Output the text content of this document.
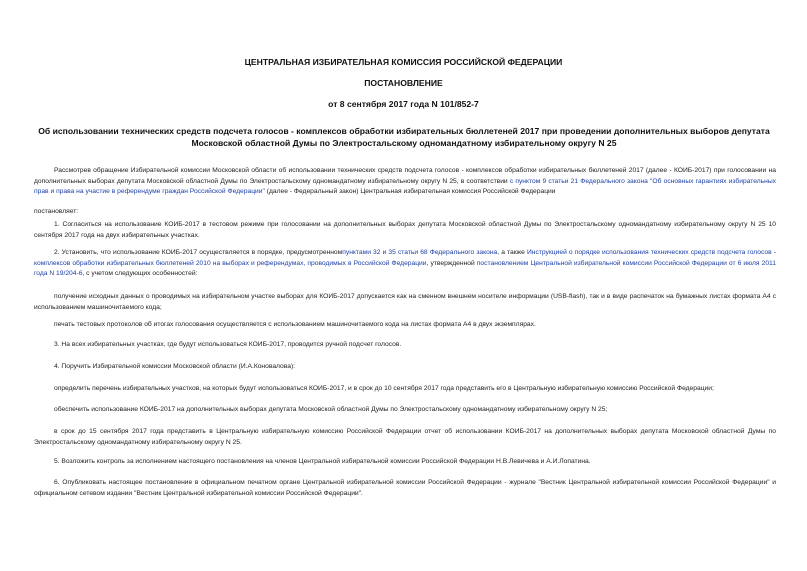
ЦЕНТРАЛЬНАЯ ИЗБИРАТЕЛЬНАЯ КОМИССИЯ РОССИЙСКОЙ ФЕДЕРАЦИИ
ПОСТАНОВЛЕНИЕ
от 8 сентября 2017 года N 101/852-7
Об использовании технических средств подсчета голосов - комплексов обработки избирательных бюллетеней 2017 при проведении дополнительных выборов депутата Московской областной Думы по Электростальскому одномандатному избирательному округу N 25
Рассмотрев обращение Избирательной комиссии Московской области об использовании технических средств подсчета голосов - комплексов обработки избирательных бюллетеней 2017 (далее - КОИБ-2017) при голосовании на дополнительных выборах депутата Московской областной Думы по Электростальскому одномандатному избирательному округу N 25, в соответствии с пунктом 9 статьи 21 Федерального закона "Об основных гарантиях избирательных прав и права на участие в референдуме граждан Российской Федерации" (далее - Федеральный закон) Центральная избирательная комиссия Российской Федерации
постановляет:
1. Согласиться на использование КОИБ-2017 в тестовом режиме при голосовании на дополнительных выборах депутата Московской областной Думы по Электростальскому одномандатному избирательному округу N 25 10 сентября 2017 года на двух избирательных участках.
2. Установить, что использование КОИБ-2017 осуществляется в порядке, предусмотренномпунктами 32 и 35 статьи 68 Федерального закона, а также Инструкцией о порядке использования технических средств подсчета голосов - комплексов обработки избирательных бюллетеней 2010 на выборах и референдумах, проводимых в Российской Федерации, утвержденной постановлением Центральной избирательной комиссии Российской Федерации от 6 июля 2011 года N 19/204-6, с учетом следующих особенностей:
получение исходных данных о проводимых на избирательном участке выборах для КОИБ-2017 допускается как на сменном внешнем носителе информации (USB-flash), так и в виде распечаток на бумажных листах формата А4 с использованием машиночитаемого кода;
печать тестовых протоколов об итогах голосования осуществляется с использованием машиночитаемого кода на листах формата А4 в двух экземплярах.
3. На всех избирательных участках, где будут использоваться КОИБ-2017, проводится ручной подсчет голосов.
4. Поручить Избирательной комиссии Московской области (И.А.Коновалова):
определить перечень избирательных участков, на которых будут использоваться КОИБ-2017, и в срок до 10 сентября 2017 года представить его в Центральную избирательную комиссию Российской Федерации;
обеспечить использование КОИБ-2017 на дополнительных выборах депутата Московской областной Думы по Электростальскому одномандатному избирательному округу N 25;
в срок до 15 сентября 2017 года представить в Центральную избирательную комиссию Российской Федерации отчет об использовании КОИБ-2017 на дополнительных выборах депутата Московской областной Думы по Электростальскому одномандатному избирательному округу N 25.
5. Возложить контроль за исполнением настоящего постановления на членов Центральной избирательной комиссии Российской Федерации Н.В.Левичева и А.И.Лопатина.
6. Опубликовать настоящее постановление в официальном печатном органе Центральной избирательной комиссии Российской Федерации - журнале "Вестник Центральной избирательной комиссии Российской Федерации" и официальном сетевом издании "Вестник Центральной избирательной комиссии Российской Федерации".
